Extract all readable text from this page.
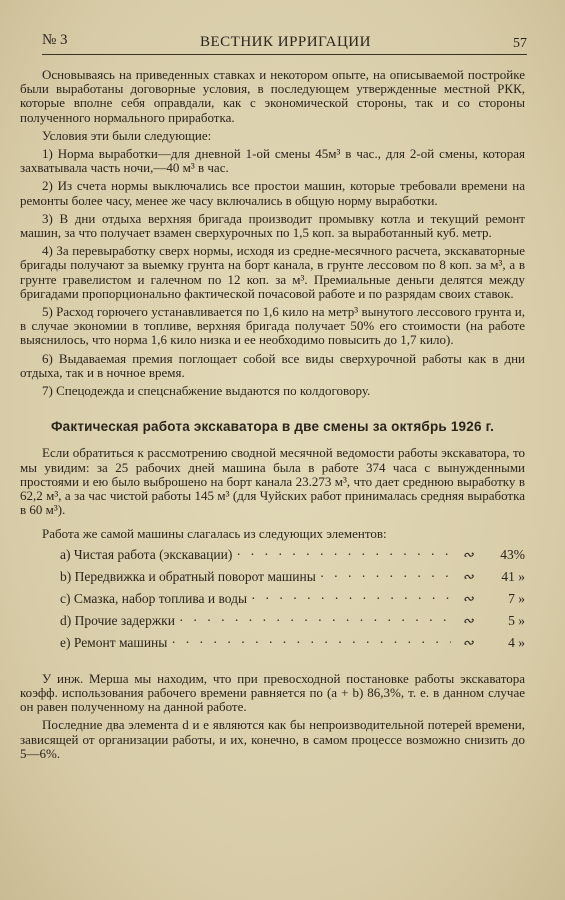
№ 3	ВЕСТНИК ИРРИГАЦИИ	57

Основываясь на приведенных ставках и некотором опыте, на описываемой постройке были выработаны договорные условия, в последующем утвержденные местной РКК, которые вполне себя оправдали, как с экономической стороны, так и со стороны полученного нормального приработка.

Условия эти были следующие:

1) Норма выработки—для дневной 1-ой смены 45м³ в час., для 2-ой смены, которая захватывала часть ночи,—40 м³ в час.

2) Из счета нормы выключались все простои машин, которые требовали времени на ремонты более часу, менее же часу включались в общую норму выработки.

3) В дни отдыха верхняя бригада производит промывку котла и текущий ремонт машин, за что получает взамен сверхурочных по 1,5 коп. за выработанный куб. метр.

4) За перевыработку сверх нормы, исходя из средне-месячного расчета, экскаваторные бригады получают за выемку грунта на борт канала, в грунте лессовом по 8 коп. за м³, а в грунте гравелистом и галечном по 12 коп. за м³. Премиальные деньги делятся между бригадами пропорционально фактической почасовой работе и по разрядам своих ставок.

5) Расход горючего устанавливается по 1,6 кило на метр³ вынутого лессового грунта и, в случае экономии в топливе, верхняя бригада получает 50% его стоимости (на работе выяснилось, что норма 1,6 кило низка и ее необходимо повысить до 1,7 кило).

6) Выдаваемая премия поглощает собой все виды сверхурочной работы как в дни отдыха, так и в ночное время.

7) Спецодежда и спецснабжение выдаются по колдоговору.

Фактическая работа экскаватора в две смены за октябрь 1926 г.

Если обратиться к рассмотрению сводной месячной ведомости работы экскаватора, то мы увидим: за 25 рабочих дней машина была в работе 374 часа с вынужденными простоями и ею было выброшено на борт канала 23.273 м³, что дает среднюю выработку в 62,2 м³, а за час чистой работы 145 м³ (для Чуйских работ принималась средняя выработка в 60 м³).

Работа же самой машины слагалась из следующих элементов:

a) Чистая работа (экскавации) · · ·	∾	43%
b) Передвижка и обратный поворот машины · · ·	∾	41 »
c) Смазка, набор топлива и воды · · ·	∾	7 »
d) Прочие задержки · · ·	∾	5 »
e) Ремонт машины · · ·	∾	4 »

У инж. Мерша мы находим, что при превосходной постановке работы экскаватора коэфф. использования рабочего времени равняется по (a + b) 86,3%, т. е. в данном случае он равен полученному на данной работе.

Последние два элемента d и e являются как бы непроизводительной потерей времени, зависящей от организации работы, и их, конечно, в самом процессе возможно снизить до 5—6%.
